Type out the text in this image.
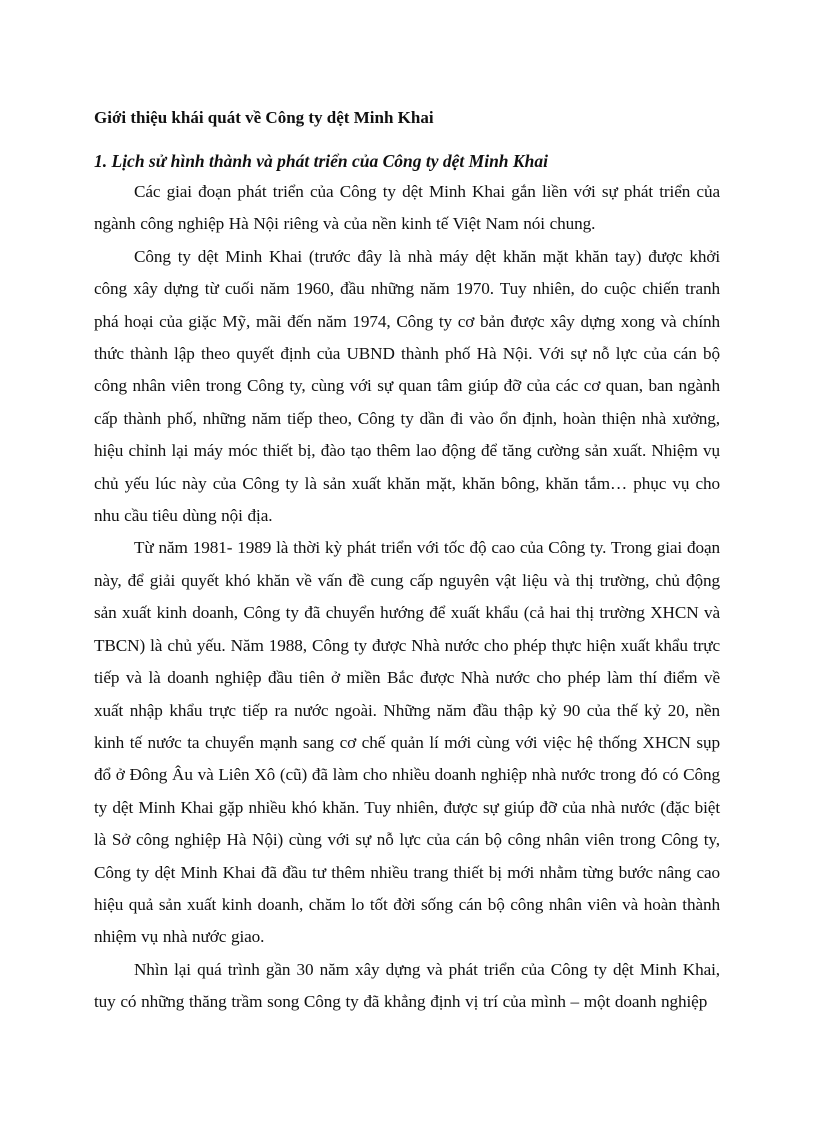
Giới thiệu khái quát về Công ty dệt Minh Khai

1. Lịch sử hình thành và phát triển của Công ty dệt Minh Khai

Các giai đoạn phát triển của Công ty dệt Minh Khai gắn liền với sự phát triển của ngành công nghiệp Hà Nội riêng và của nền kinh tế Việt Nam nói chung.

Công ty dệt Minh Khai (trước đây là nhà máy dệt khăn mặt khăn tay) được khởi công xây dựng từ cuối năm 1960, đầu những năm 1970. Tuy nhiên, do cuộc chiến tranh phá hoại của giặc Mỹ, mãi đến năm 1974, Công ty cơ bản được xây dựng xong và chính thức thành lập theo quyết định của UBND thành phố Hà Nội. Với sự nỗ lực của cán bộ công nhân viên trong Công ty, cùng với sự quan tâm giúp đỡ của các cơ quan, ban ngành cấp thành phố, những năm tiếp theo, Công ty dần đi vào ổn định, hoàn thiện nhà xưởng, hiệu chỉnh lại máy móc thiết bị, đào tạo thêm lao động để tăng cường sản xuất. Nhiệm vụ chủ yếu lúc này của Công ty là sản xuất khăn mặt, khăn bông, khăn tắm… phục vụ cho nhu cầu tiêu dùng nội địa.

Từ năm 1981- 1989 là thời kỳ phát triển với tốc độ cao của Công ty. Trong giai đoạn này, để giải quyết khó khăn về vấn đề cung cấp nguyên vật liệu và thị trường, chủ động sản xuất kinh doanh, Công ty đã chuyển hướng để xuất khẩu (cả hai thị trường XHCN và TBCN) là chủ yếu. Năm 1988, Công ty được Nhà nước cho phép thực hiện xuất khẩu trực tiếp và là doanh nghiệp đầu tiên ở miền Bắc được Nhà nước cho phép làm thí điểm về xuất nhập khẩu trực tiếp ra nước ngoài. Những năm đầu thập kỷ 90 của thế kỷ 20, nền kinh tế nước ta chuyển mạnh sang cơ chế quản lí mới cùng với việc hệ thống XHCN sụp đổ ở Đông Âu và Liên Xô (cũ) đã làm cho nhiều doanh nghiệp nhà nước trong đó có Công ty dệt Minh Khai gặp nhiều khó khăn. Tuy nhiên, được sự giúp đỡ của nhà nước (đặc biệt là Sở công nghiệp Hà Nội) cùng với sự nỗ lực của cán bộ công nhân viên trong Công ty, Công ty dệt Minh Khai đã đầu tư thêm nhiều trang thiết bị mới nhằm từng bước nâng cao hiệu quả sản xuất kinh doanh, chăm lo tốt đời sống cán bộ công nhân viên và hoàn thành nhiệm vụ nhà nước giao.

Nhìn lại quá trình gần 30 năm xây dựng và phát triển của Công ty dệt Minh Khai, tuy có những thăng trầm song Công ty đã khẳng định vị trí của mình – một doanh nghiệp
